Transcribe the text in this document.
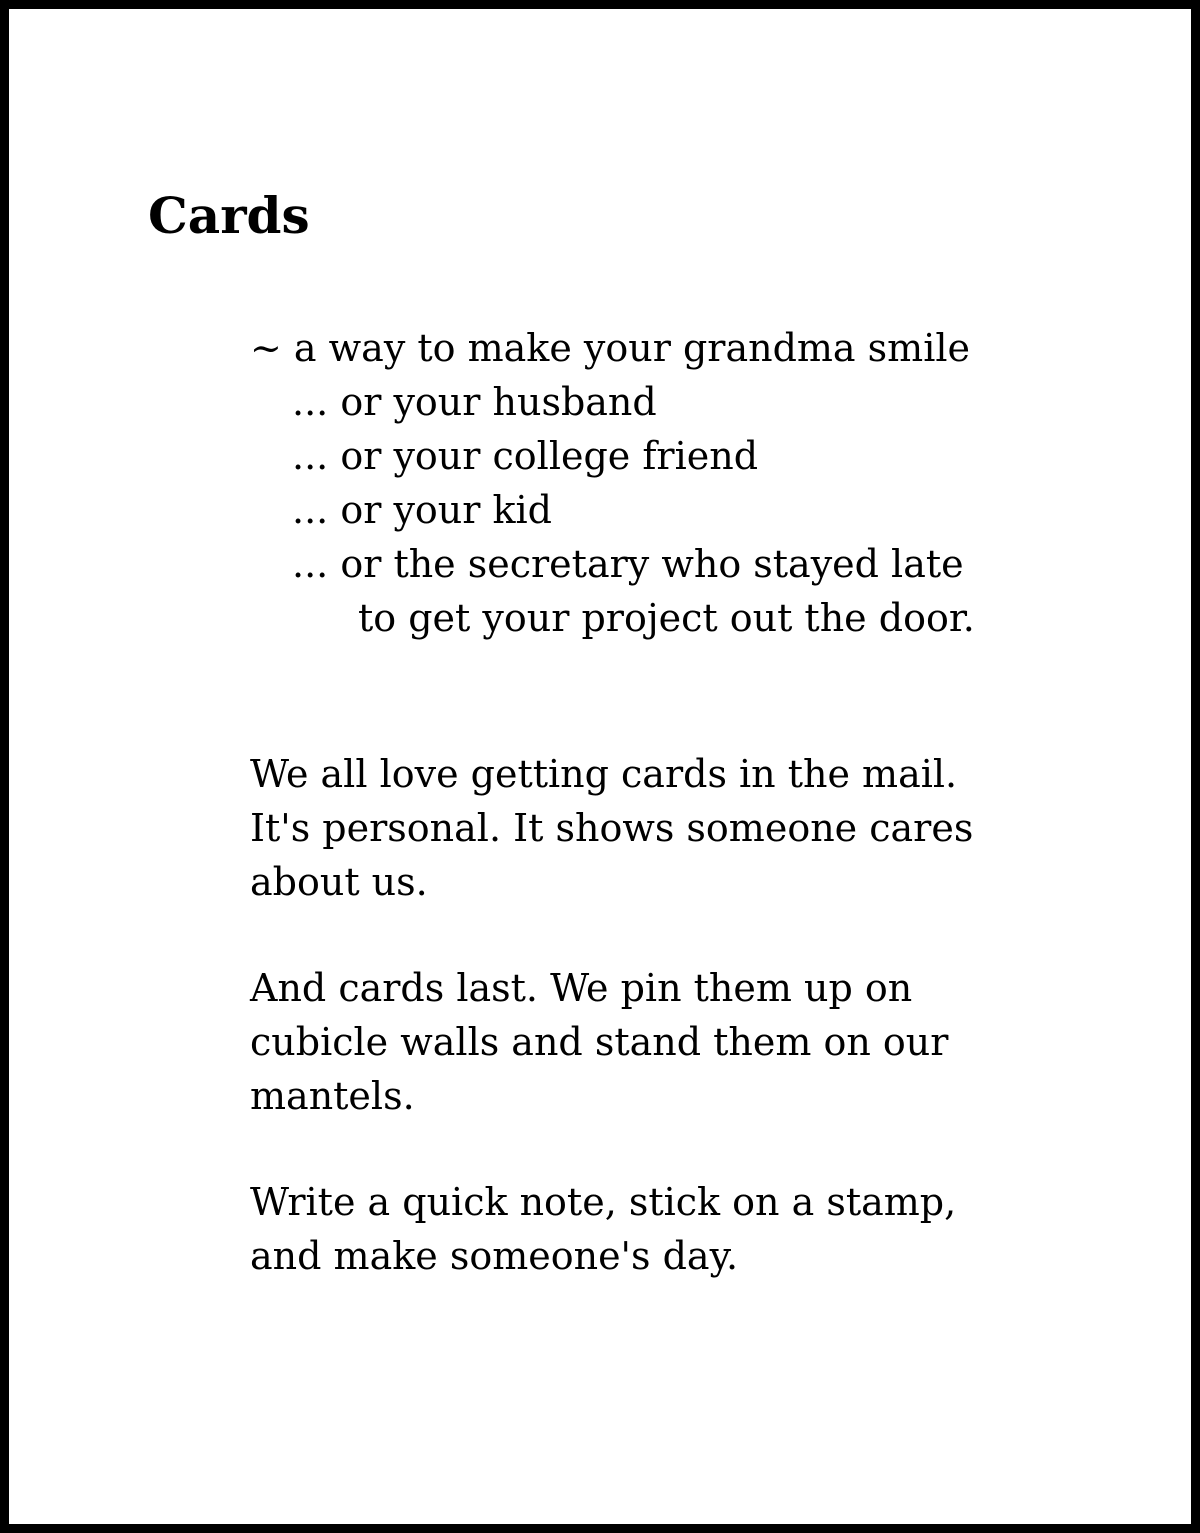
Cards

~ a way to make your grandma smile

... or your husband

... or your college friend

... or your kid

... or the secretary who stayed late

to get your project out the door.

We all love getting cards in the mail.

It's personal. It shows someone cares

about us.

And cards last. We pin them up on

cubicle walls and stand them on our

mantels.

Write a quick note, stick on a stamp,

and make someone's day.
